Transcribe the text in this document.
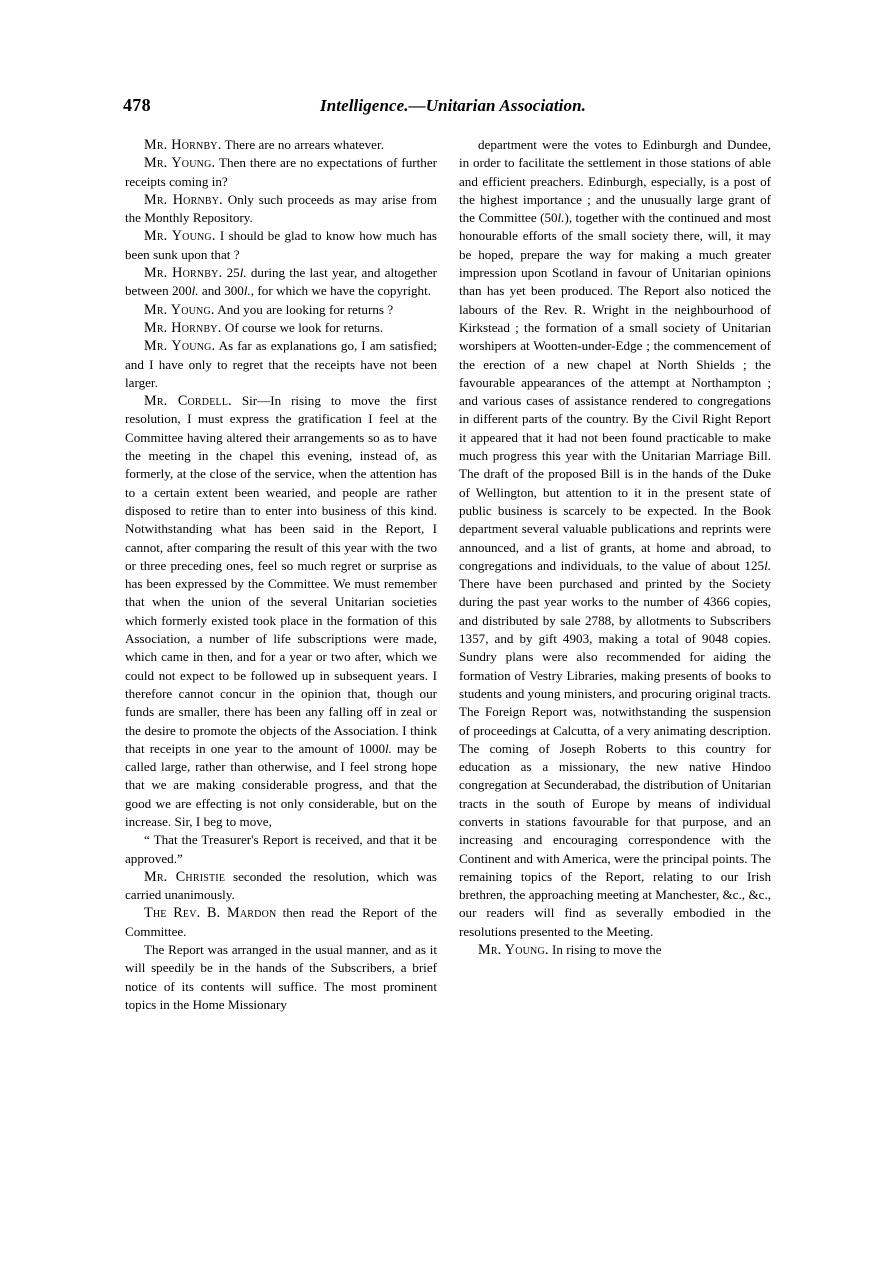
478	Intelligence.—Unitarian Association.

Mr. Hornby. There are no arrears whatever.

Mr. Young. Then there are no expectations of further receipts coming in?

Mr. Hornby. Only such proceeds as may arise from the Monthly Repository.

Mr. Young. I should be glad to know how much has been sunk upon that ?

Mr. Hornby. 25l. during the last year, and altogether between 200l. and 300l., for which we have the copyright.

Mr. Young. And you are looking for returns ?

Mr. Hornby. Of course we look for returns.

Mr. Young. As far as explanations go, I am satisfied; and I have only to regret that the receipts have not been larger.

Mr. Cordell. Sir—In rising to move the first resolution, I must express the gratification I feel at the Committee having altered their arrangements so as to have the meeting in the chapel this evening, instead of, as formerly, at the close of the service, when the attention has to a certain extent been wearied, and people are rather disposed to retire than to enter into business of this kind. Notwithstanding what has been said in the Report, I cannot, after comparing the result of this year with the two or three preceding ones, feel so much regret or surprise as has been expressed by the Committee. We must remember that when the union of the several Unitarian societies which formerly existed took place in the formation of this Association, a number of life subscriptions were made, which came in then, and for a year or two after, which we could not expect to be followed up in subsequent years. I therefore cannot concur in the opinion that, though our funds are smaller, there has been any falling off in zeal or the desire to promote the objects of the Association. I think that receipts in one year to the amount of 1000l. may be called large, rather than otherwise, and I feel strong hope that we are making considerable progress, and that the good we are effecting is not only considerable, but on the increase. Sir, I beg to move,

“ That the Treasurer's Report is received, and that it be approved.”

Mr. Christie seconded the resolution, which was carried unanimously.

The Rev. B. Mardon then read the Report of the Committee.

The Report was arranged in the usual manner, and as it will speedily be in the hands of the Subscribers, a brief notice of its contents will suffice. The most prominent topics in the Home Missionary

department were the votes to Edinburgh and Dundee, in order to facilitate the settlement in those stations of able and efficient preachers. Edinburgh, especially, is a post of the highest importance ; and the unusually large grant of the Committee (50l.), together with the continued and most honourable efforts of the small society there, will, it may be hoped, prepare the way for making a much greater impression upon Scotland in favour of Unitarian opinions than has yet been produced. The Report also noticed the labours of the Rev. R. Wright in the neighbourhood of Kirkstead ; the formation of a small society of Unitarian worshipers at Wootten-under-Edge ; the commencement of the erection of a new chapel at North Shields ; the favourable appearances of the attempt at Northampton ; and various cases of assistance rendered to congregations in different parts of the country. By the Civil Right Report it appeared that it had not been found practicable to make much progress this year with the Unitarian Marriage Bill. The draft of the proposed Bill is in the hands of the Duke of Wellington, but attention to it in the present state of public business is scarcely to be expected. In the Book department several valuable publications and reprints were announced, and a list of grants, at home and abroad, to congregations and individuals, to the value of about 125l. There have been purchased and printed by the Society during the past year works to the number of 4366 copies, and distributed by sale 2788, by allotments to Subscribers 1357, and by gift 4903, making a total of 9048 copies. Sundry plans were also recommended for aiding the formation of Vestry Libraries, making presents of books to students and young ministers, and procuring original tracts. The Foreign Report was, notwithstanding the suspension of proceedings at Calcutta, of a very animating description. The coming of Joseph Roberts to this country for education as a missionary, the new native Hindoo congregation at Secunderabad, the distribution of Unitarian tracts in the south of Europe by means of individual converts in stations favourable for that purpose, and an increasing and encouraging correspondence with the Continent and with America, were the principal points. The remaining topics of the Report, relating to our Irish brethren, the approaching meeting at Manchester, &c., &c., our readers will find as severally embodied in the resolutions presented to the Meeting.

Mr. Young. In rising to move the
